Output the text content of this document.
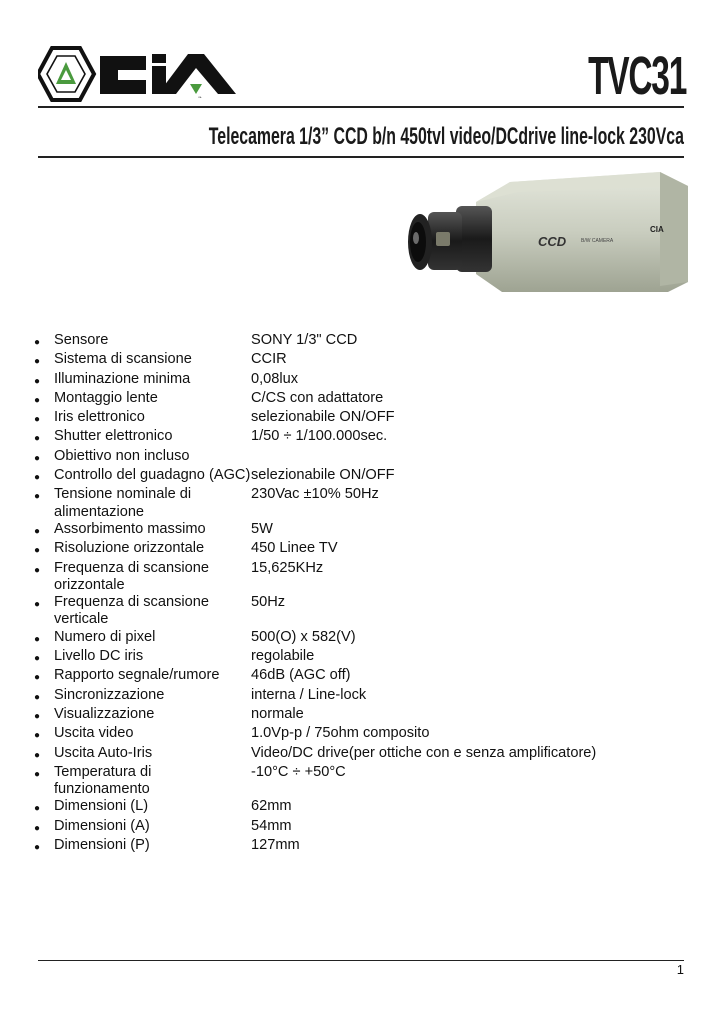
CIA	TVC31
Telecamera 1/3” CCD b/n 450tvl video/DCdrive line-lock 230Vca
CCD	B/W CAMERA
CIA
● Sensore	SONY 1/3" CCD
● Sistema di scansione	CCIR
● Illuminazione minima	0,08lux
● Montaggio lente	C/CS con adattatore
● Iris elettronico	selezionabile ON/OFF
● Shutter elettronico	1/50 ÷ 1/100.000sec.
● Obiettivo non incluso
● Controllo del guadagno (AGC) selezionabile ON/OFF
● Tensione nominale di alimentazione
230Vac ±10% 50Hz
● Assorbimento massimo	5W
● Risoluzione orizzontale	450 Linee TV
● Frequenza di scansione orizzontale
15,625KHz
● Frequenza di scansione verticale
50Hz
● Numero di pixel	500(O) x 582(V)
● Livello DC iris	regolabile
● Rapporto segnale/rumore	46dB (AGC off)
● Sincronizzazione	interna / Line-lock
● Visualizzazione	normale
● Uscita video	1.0Vp-p / 75ohm composito
● Uscita Auto-Iris	Video/DC drive(per ottiche con e senza amplificatore)
● Temperatura di funzionamento
-10°C ÷ +50°C
● Dimensioni (L)	62mm
● Dimensioni (A)	54mm
● Dimensioni (P)	127mm
1
